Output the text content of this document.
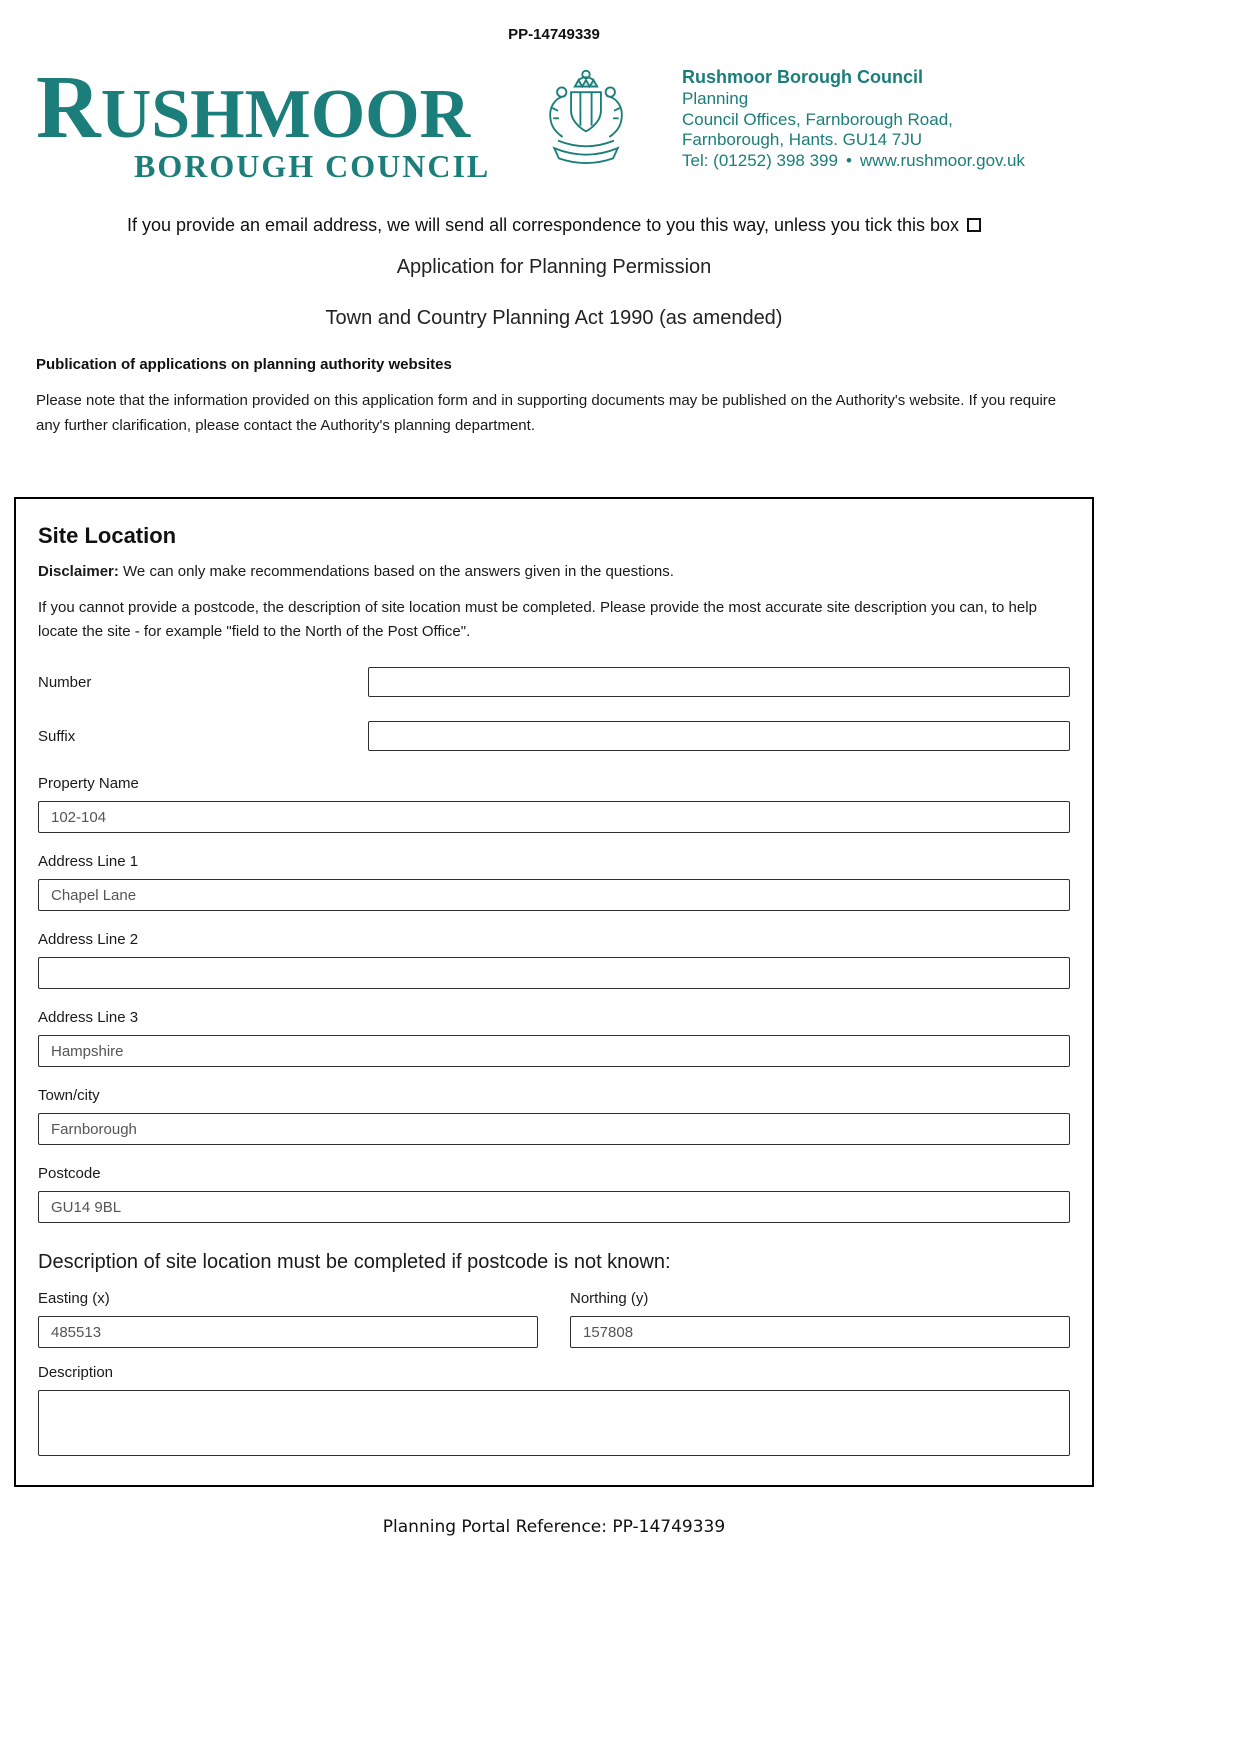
PP-14749339
RUSHMOOR
BOROUGH COUNCIL
Rushmoor Borough Council
Planning
Council Offices, Farnborough Road,
Farnborough, Hants. GU14 7JU
Tel: (01252) 398 399 • www.rushmoor.gov.uk
If you provide an email address, we will send all correspondence to you this way, unless you tick this box
Application for Planning Permission
Town and Country Planning Act 1990 (as amended)
Publication of applications on planning authority websites
Please note that the information provided on this application form and in supporting documents may be published on the Authority's website. If you require any further clarification, please contact the Authority's planning department.
Site Location
Disclaimer: We can only make recommendations based on the answers given in the questions.
If you cannot provide a postcode, the description of site location must be completed. Please provide the most accurate site description you can, to help locate the site - for example "field to the North of the Post Office".
Number
Suffix
Property Name
102-104
Address Line 1
Chapel Lane
Address Line 2
Address Line 3
Hampshire
Town/city
Farnborough
Postcode
GU14 9BL
Description of site location must be completed if postcode is not known:
Easting (x)
485513	Northing (y)
157808
Description
Planning Portal Reference: PP-14749339
